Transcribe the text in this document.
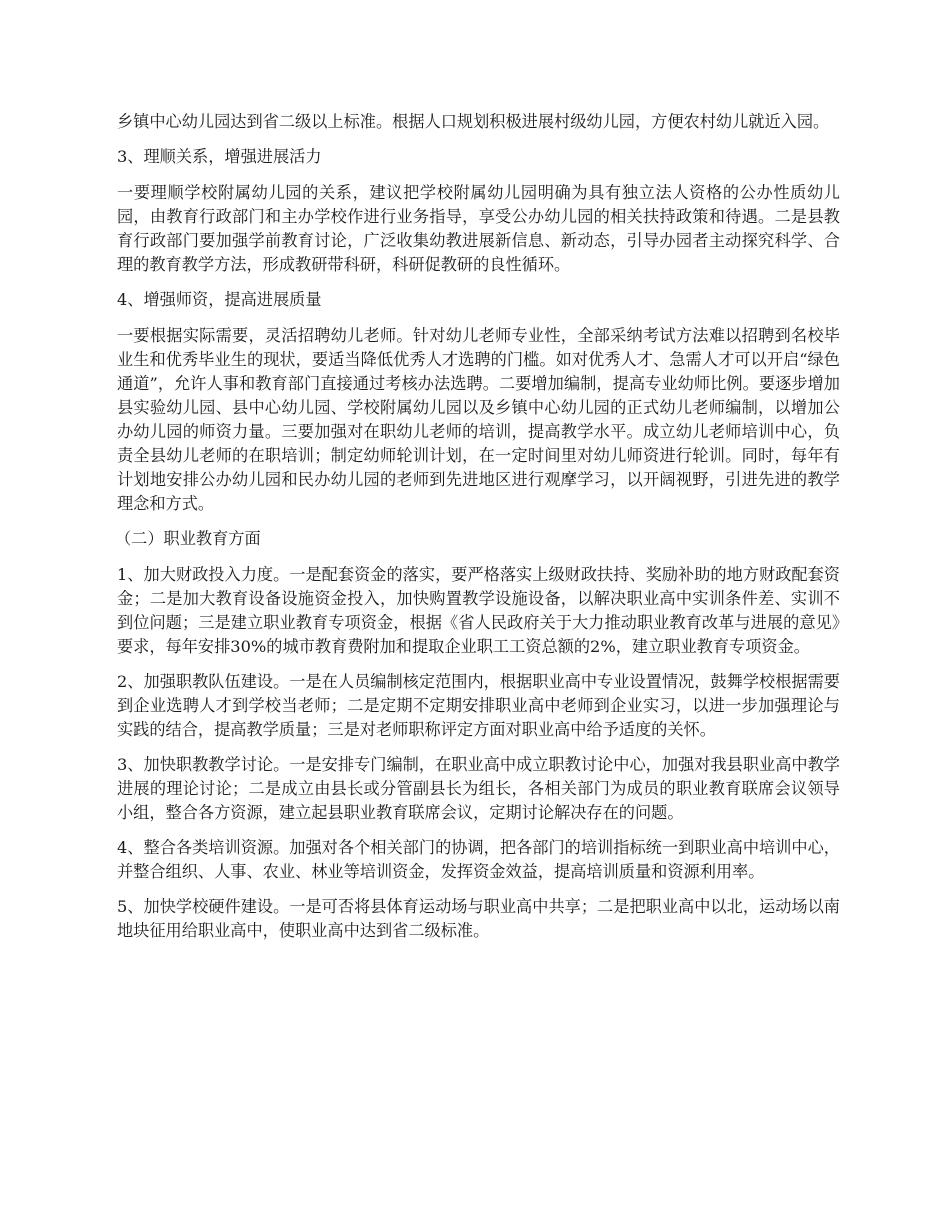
乡镇中心幼儿园达到省二级以上标准。根据人口规划积极进展村级幼儿园，方便农村幼儿就近入园。

3、理顺关系，增强进展活力

一要理顺学校附属幼儿园的关系，建议把学校附属幼儿园明确为具有独立法人资格的公办性质幼儿园，由教育行政部门和主办学校作进行业务指导，享受公办幼儿园的相关扶持政策和待遇。二是县教育行政部门要加强学前教育讨论，广泛收集幼教进展新信息、新动态，引导办园者主动探究科学、合理的教育教学方法，形成教研带科研，科研促教研的良性循环。

4、增强师资，提高进展质量

一要根据实际需要，灵活招聘幼儿老师。针对幼儿老师专业性，全部采纳考试方法难以招聘到名校毕业生和优秀毕业生的现状，要适当降低优秀人才选聘的门槛。如对优秀人才、急需人才可以开启“绿色通道”，允许人事和教育部门直接通过考核办法选聘。二要增加编制，提高专业幼师比例。要逐步增加县实验幼儿园、县中心幼儿园、学校附属幼儿园以及乡镇中心幼儿园的正式幼儿老师编制，以增加公办幼儿园的师资力量。三要加强对在职幼儿老师的培训，提高教学水平。成立幼儿老师培训中心，负责全县幼儿老师的在职培训；制定幼师轮训计划，在一定时间里对幼儿师资进行轮训。同时，每年有计划地安排公办幼儿园和民办幼儿园的老师到先进地区进行观摩学习，以开阔视野，引进先进的教学理念和方式。

（二）职业教育方面

1、加大财政投入力度。一是配套资金的落实，要严格落实上级财政扶持、奖励补助的地方财政配套资金；二是加大教育设备设施资金投入，加快购置教学设施设备，以解决职业高中实训条件差、实训不到位问题；三是建立职业教育专项资金，根据《省人民政府关于大力推动职业教育改革与进展的意见》要求，每年安排30%的城市教育费附加和提取企业职工工资总额的2%，建立职业教育专项资金。

2、加强职教队伍建设。一是在人员编制核定范围内，根据职业高中专业设置情况，鼓舞学校根据需要到企业选聘人才到学校当老师；二是定期不定期安排职业高中老师到企业实习，以进一步加强理论与实践的结合，提高教学质量；三是对老师职称评定方面对职业高中给予适度的关怀。

3、加快职教教学讨论。一是安排专门编制，在职业高中成立职教讨论中心，加强对我县职业高中教学进展的理论讨论；二是成立由县长或分管副县长为组长，各相关部门为成员的职业教育联席会议领导小组，整合各方资源，建立起县职业教育联席会议，定期讨论解决存在的问题。

4、整合各类培训资源。加强对各个相关部门的协调，把各部门的培训指标统一到职业高中培训中心，并整合组织、人事、农业、林业等培训资金，发挥资金效益，提高培训质量和资源利用率。

5、加快学校硬件建设。一是可否将县体育运动场与职业高中共享；二是把职业高中以北，运动场以南地块征用给职业高中，使职业高中达到省二级标准。
